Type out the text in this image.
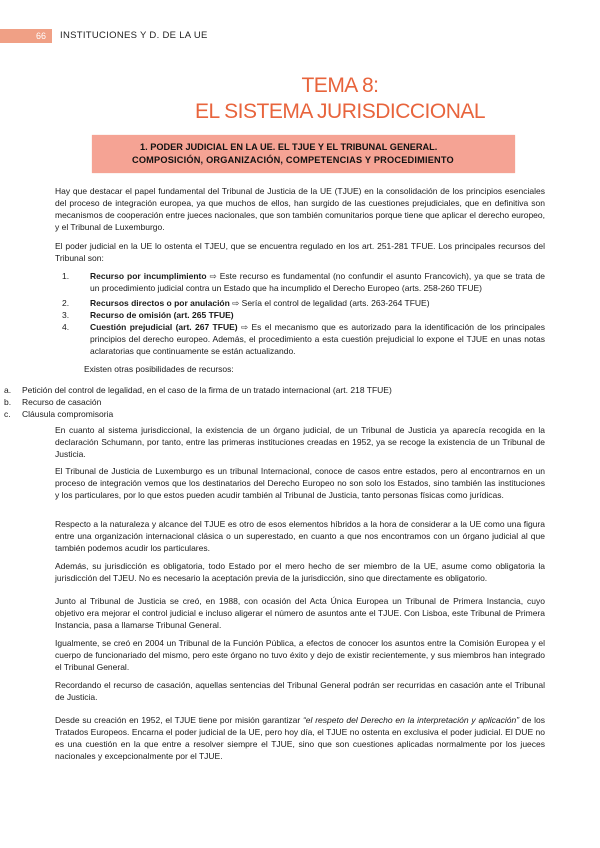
66	INSTITUCIONES Y D. DE LA UE
TEMA 8:
EL SISTEMA JURISDICCIONAL
1. PODER JUDICIAL EN LA UE. EL TJUE Y EL TRIBUNAL GENERAL.
COMPOSICIÓN, ORGANIZACIÓN, COMPETENCIAS Y PROCEDIMIENTO
Hay que destacar el papel fundamental del Tribunal de Justicia de la UE (TJUE) en la consolidación de los principios esenciales del proceso de integración europea, ya que muchos de ellos, han surgido de las cuestiones prejudiciales, que en definitiva son mecanismos de cooperación entre jueces nacionales, que son también comunitarios porque tiene que aplicar el derecho europeo, y el Tribunal de Luxemburgo.
El poder judicial en la UE lo ostenta el TJEU, que se encuentra regulado en los art. 251-281 TFUE. Los principales recursos del Tribunal son:
1. Recurso por incumplimiento ⇨ Este recurso es fundamental (no confundir el asunto Francovich), ya que se trata de un procedimiento judicial contra un Estado que ha incumplido el Derecho Europeo (arts. 258-260 TFUE)
2. Recursos directos o por anulación ⇨ Sería el control de legalidad (arts. 263-264 TFUE)
3. Recurso de omisión (art. 265 TFUE)
4. Cuestión prejudicial (art. 267 TFUE) ⇨ Es el mecanismo que es autorizado para la identificación de los principales principios del derecho europeo. Además, el procedimiento a esta cuestión prejudicial lo expone el TJUE en unas notas aclaratorias que continuamente se están actualizando.
Existen otras posibilidades de recursos:
a. Petición del control de legalidad, en el caso de la firma de un tratado internacional (art. 218 TFUE)
b. Recurso de casación
c. Cláusula compromisoria
En cuanto al sistema jurisdiccional, la existencia de un órgano judicial, de un Tribunal de Justicia ya aparecía recogida en la declaración Schumann, por tanto, entre las primeras instituciones creadas en 1952, ya se recoge la existencia de un Tribunal de Justicia.
El Tribunal de Justicia de Luxemburgo es un tribunal Internacional, conoce de casos entre estados, pero al encontrarnos en un proceso de integración vemos que los destinatarios del Derecho Europeo no son solo los Estados, sino también las instituciones y los particulares, por lo que estos pueden acudir también al Tribunal de Justicia, tanto personas físicas como jurídicas.
Respecto a la naturaleza y alcance del TJUE es otro de esos elementos híbridos a la hora de considerar a la UE como una figura entre una organización internacional clásica o un superestado, en cuanto a que nos encontramos con un órgano judicial al que también podemos acudir los particulares.
Además, su jurisdicción es obligatoria, todo Estado por el mero hecho de ser miembro de la UE, asume como obligatoria la jurisdicción del TJEU. No es necesario la aceptación previa de la jurisdicción, sino que directamente es obligatorio.
Junto al Tribunal de Justicia se creó, en 1988, con ocasión del Acta Única Europea un Tribunal de Primera Instancia, cuyo objetivo era mejorar el control judicial e incluso aligerar el número de asuntos ante el TJUE. Con Lisboa, este Tribunal de Primera Instancia, pasa a llamarse Tribunal General.
Igualmente, se creó en 2004 un Tribunal de la Función Pública, a efectos de conocer los asuntos entre la Comisión Europea y el cuerpo de funcionariado del mismo, pero este órgano no tuvo éxito y dejo de existir recientemente, y sus miembros han integrado el Tribunal General.
Recordando el recurso de casación, aquellas sentencias del Tribunal General podrán ser recurridas en casación ante el Tribunal de Justicia.
Desde su creación en 1952, el TJUE tiene por misión garantizar “el respeto del Derecho en la interpretación y aplicación” de los Tratados Europeos. Encarna el poder judicial de la UE, pero hoy día, el TJUE no ostenta en exclusiva el poder judicial. El DUE no es una cuestión en la que entre a resolver siempre el TJUE, sino que son cuestiones aplicadas normalmente por los jueces nacionales y excepcionalmente por el TJUE.
